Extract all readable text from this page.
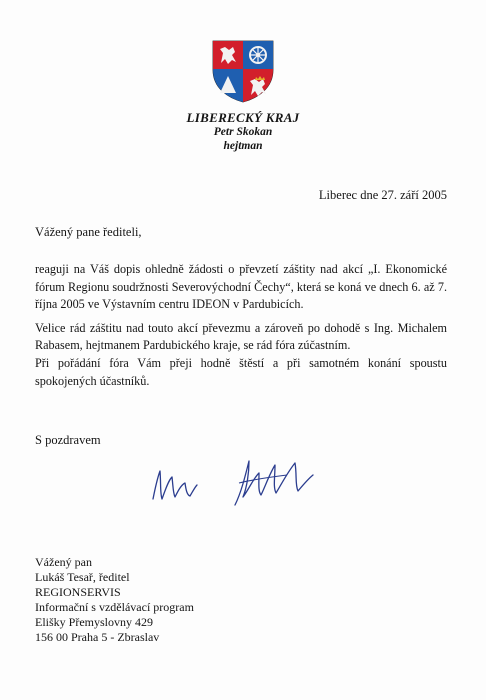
LIBERECKÝ KRAJ
Petr Skokan
hejtman
Liberec dne 27. září 2005
Vážený pane řediteli,

reaguji na Váš dopis ohledně žádosti o převzetí záštity nad akcí „I. Ekonomické fórum Regionu soudržnosti Severovýchodní Čechy“, která se koná ve dnech 6. až 7. října 2005 ve Výstavním centru IDEON v Pardubicích.

Velice rád záštitu nad touto akcí převezmu a zároveň po dohodě s Ing. Michalem Rabasem, hejtmanem Pardubického kraje, se rád fóra zúčastním.

Při pořádání fóra Vám přeji hodně štěstí a při samotném konání spoustu spokojených účastníků.

S pozdravem
Vážený pan
Lukáš Tesař, ředitel
REGIONSERVIS
Informační s vzdělávací program
Elišky Přemyslovny 429
156 00 Praha 5 - Zbraslav
